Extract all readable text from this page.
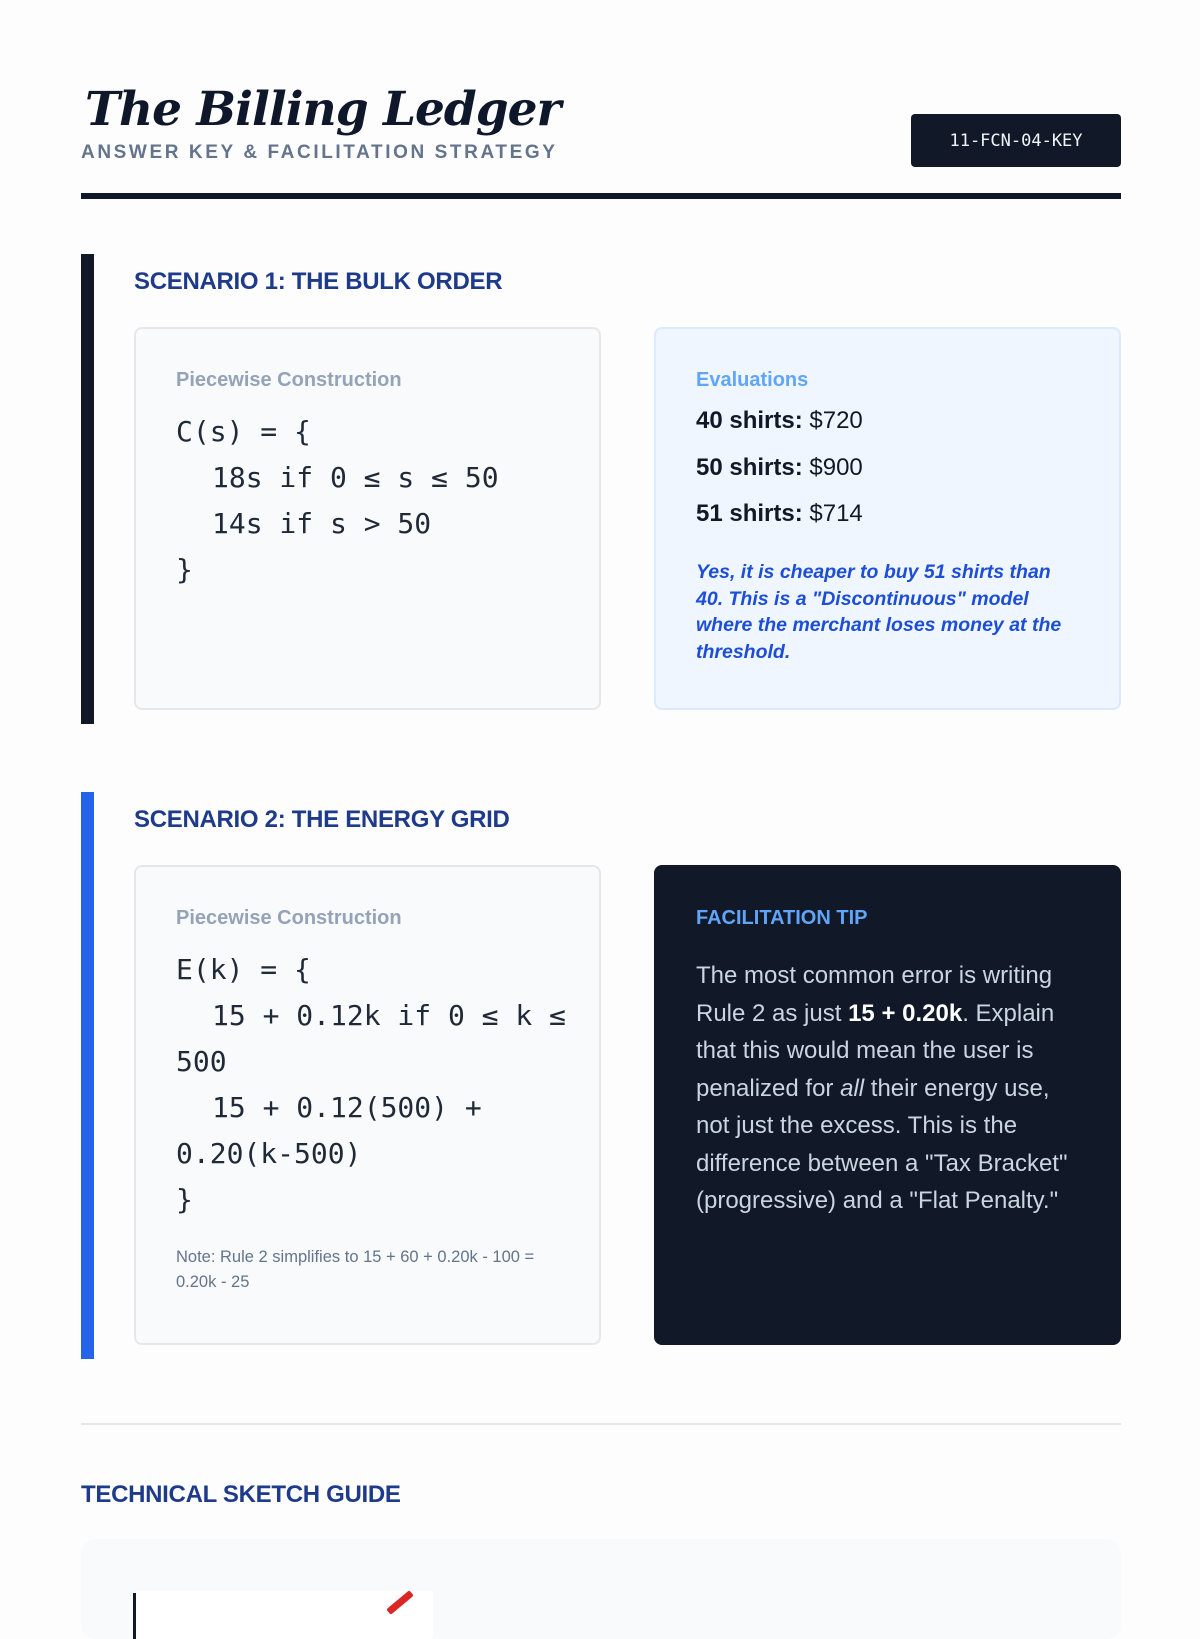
The Billing Ledger
ANSWER KEY & FACILITATION STRATEGY
11-FCN-04-KEY
SCENARIO 1: THE BULK ORDER
Piecewise Construction
C(s) = {
18s if 0 ≤ s ≤ 50
14s if s > 50
}
Evaluations
40 shirts: $720
50 shirts: $900
51 shirts: $714
Yes, it is cheaper to buy 51 shirts than 40. This is a "Discontinuous" model where the merchant loses money at the threshold.
SCENARIO 2: THE ENERGY GRID
Piecewise Construction
E(k) = {
15 + 0.12k if 0 ≤ k ≤ 500
15 + 0.12(500) + 0.20(k-500)
}
Note: Rule 2 simplifies to 15 + 60 + 0.20k - 100 = 0.20k - 25
FACILITATION TIP
The most common error is writing Rule 2 as just 15 + 0.20k. Explain that this would mean the user is penalized for all their energy use, not just the excess. This is the difference between a "Tax Bracket" (progressive) and a "Flat Penalty."
TECHNICAL SKETCH GUIDE
